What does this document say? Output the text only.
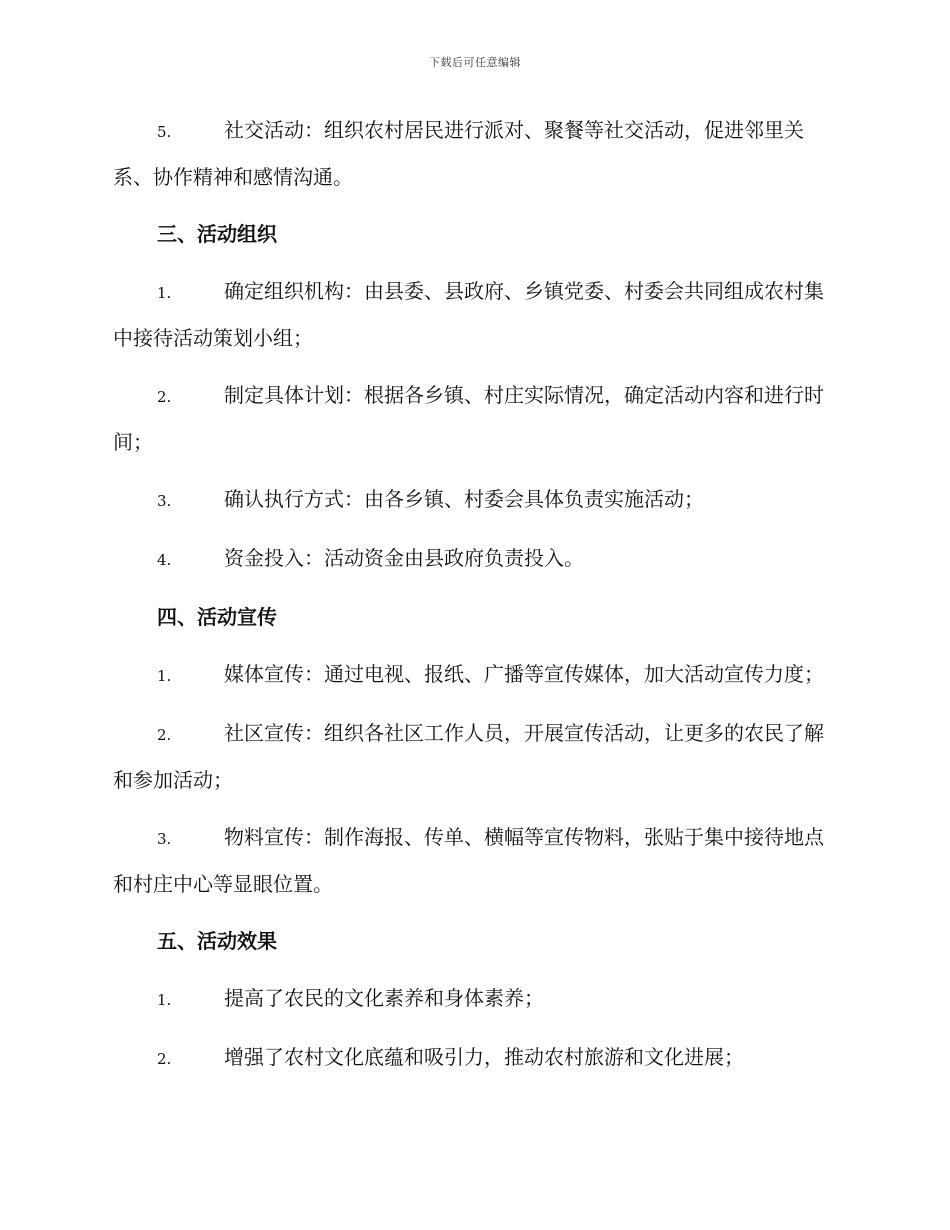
下载后可任意编辑
5.	社交活动：组织农村居民进行派对、聚餐等社交活动，促进邻里关系、协作精神和感情沟通。
三、活动组织
1.	确定组织机构：由县委、县政府、乡镇党委、村委会共同组成农村集中接待活动策划小组；
2.	制定具体计划：根据各乡镇、村庄实际情况，确定活动内容和进行时间；
3.	确认执行方式：由各乡镇、村委会具体负责实施活动；
4.	资金投入：活动资金由县政府负责投入。
四、活动宣传
1.	媒体宣传：通过电视、报纸、广播等宣传媒体，加大活动宣传力度；
2.	社区宣传：组织各社区工作人员，开展宣传活动，让更多的农民了解和参加活动；
3.	物料宣传：制作海报、传单、横幅等宣传物料，张贴于集中接待地点和村庄中心等显眼位置。
五、活动效果
1.	提高了农民的文化素养和身体素养；
2.	增强了农村文化底蕴和吸引力，推动农村旅游和文化进展；
